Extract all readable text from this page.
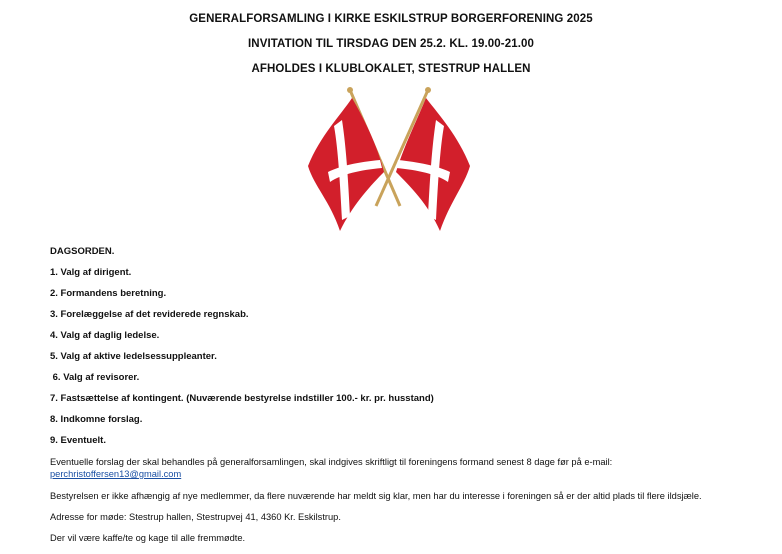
GENERALFORSAMLING I KIRKE ESKILSTRUP BORGERFORENING 2025
INVITATION TIL TIRSDAG DEN 25.2. KL. 19.00-21.00
AFHOLDES I KLUBLOKALET, STESTRUP HALLEN
DAGSORDEN.
1. Valg af dirigent.
2. Formandens beretning.
3. Forelæggelse af det reviderede regnskab.
4. Valg af daglig ledelse.
5. Valg af aktive ledelsessuppleanter.
6. Valg af revisorer.
7. Fastsættelse af kontingent. (Nuværende bestyrelse indstiller 100.- kr. pr. husstand)
8. Indkomne forslag.
9. Eventuelt.
Eventuelle forslag der skal behandles på generalforsamlingen, skal indgives skriftligt til foreningens formand senest 8 dage før på e-mail:
perchristoffersen13@gmail.com
Bestyrelsen er ikke afhængig af nye medlemmer, da flere nuværende har meldt sig klar, men har du interesse i foreningen så er der altid plads til flere ildsjæle.
Adresse for møde: Stestrup hallen, Stestrupvej 41, 4360 Kr. Eskilstrup.
Der vil være kaffe/te og kage til alle fremmødte.
